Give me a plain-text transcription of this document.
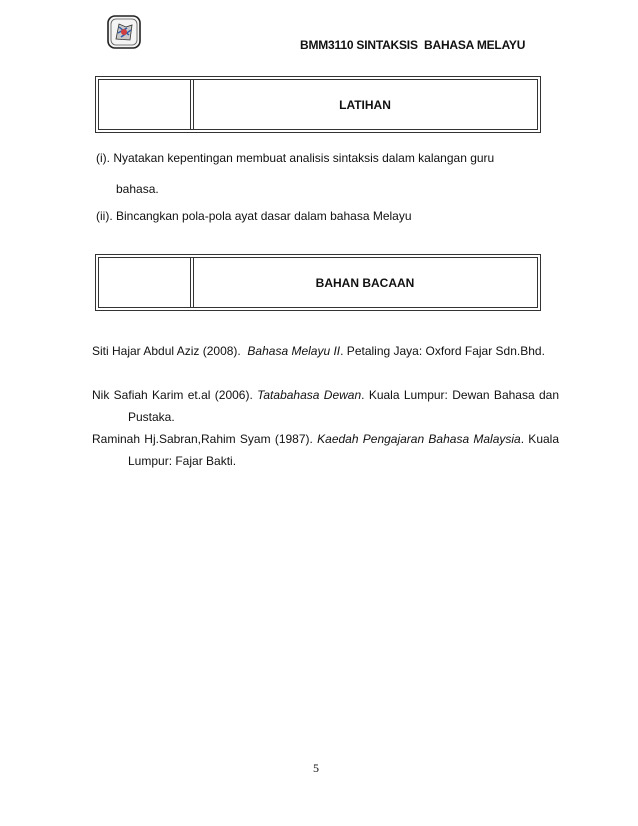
BMM3110 SINTAKSIS  BAHASA MELAYU
LATIHAN
(i). Nyatakan kepentingan membuat analisis sintaksis dalam kalangan guru
bahasa.
(ii). Bincangkan pola-pola ayat dasar dalam bahasa Melayu
BAHAN BACAAN
Siti Hajar Abdul Aziz (2008). Bahasa Melayu II. Petaling Jaya: Oxford Fajar Sdn.Bhd.
Nik Safiah Karim et.al (2006). Tatabahasa Dewan. Kuala Lumpur: Dewan Bahasa dan Pustaka.
Raminah Hj.Sabran,Rahim Syam (1987). Kaedah Pengajaran Bahasa Malaysia. Kuala Lumpur: Fajar Bakti.
5
